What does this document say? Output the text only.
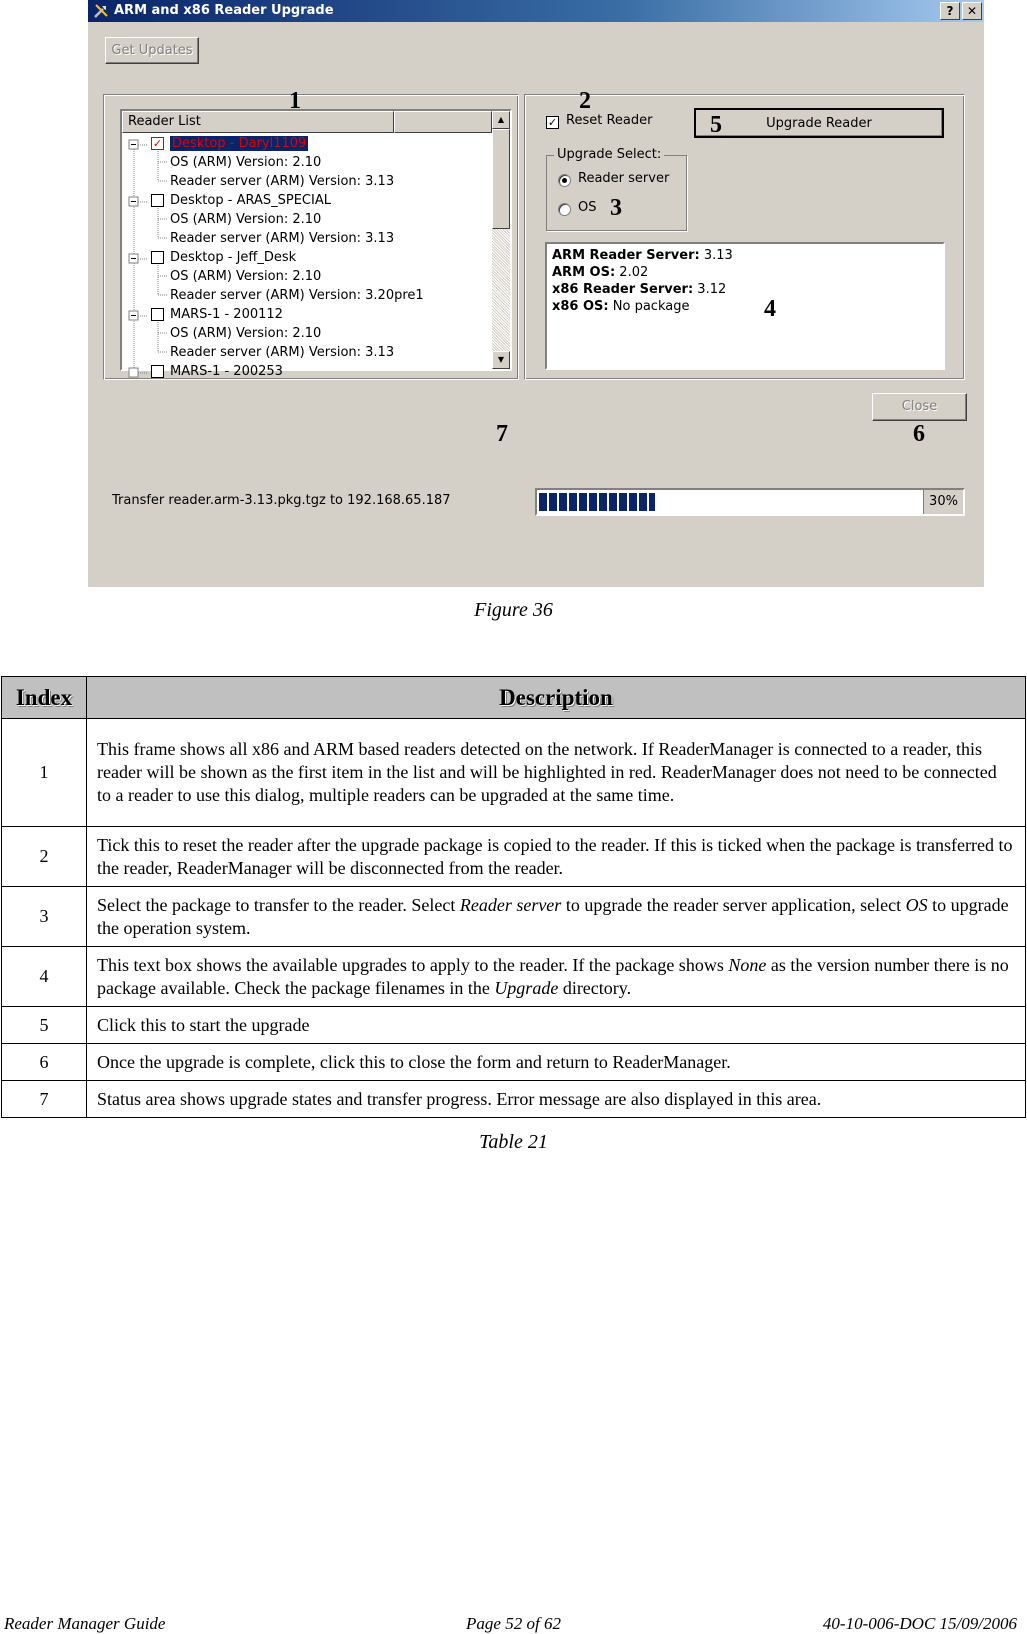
ARM and x86 Reader Upgrade	?	✕
Get Updates
Reader List
✓ Desktop - Daryl1109
OS (ARM) Version: 2.10
Reader server (ARM) Version: 3.13
Desktop - ARAS_SPECIAL
OS (ARM) Version: 2.10
Reader server (ARM) Version: 3.13
Desktop - Jeff_Desk
OS (ARM) Version: 2.10
Reader server (ARM) Version: 3.20pre1
MARS-1 - 200112
OS (ARM) Version: 2.10
Reader server (ARM) Version: 3.13
MARS-1 - 200253
▲
▼
✓ Reset Reader	Upgrade Reader
Upgrade Select:
Reader server
OS
ARM Reader Server: 3.13
ARM OS: 2.02
x86 Reader Server: 3.12
x86 OS: No package
Close
Transfer reader.arm-3.13.pkg.tgz to 192.168.65.187	30%
1	2
3
4
5
6
7
Figure 36
Index	Description
1	This frame shows all x86 and ARM based readers detected on the network. If ReaderManager is connected to a reader, this reader will be shown as the first item in the list and will be highlighted in red. ReaderManager does not need to be connected to a reader to use this dialog, multiple readers can be upgraded at the same time.
2	Tick this to reset the reader after the upgrade package is copied to the reader. If this is ticked when the package is transferred to the reader, ReaderManager will be disconnected from the reader.
3	Select the package to transfer to the reader. Select Reader server to upgrade the reader server application, select OS to upgrade the operation system.
4	This text box shows the available upgrades to apply to the reader. If the package shows None as the version number there is no package available. Check the package filenames in the Upgrade directory.
5	Click this to start the upgrade
6	Once the upgrade is complete, click this to close the form and return to ReaderManager.
7	Status area shows upgrade states and transfer progress. Error message are also displayed in this area.
Table 21
Reader Manager Guide	Page 52 of 62	40-10-006-DOC 15/09/2006
